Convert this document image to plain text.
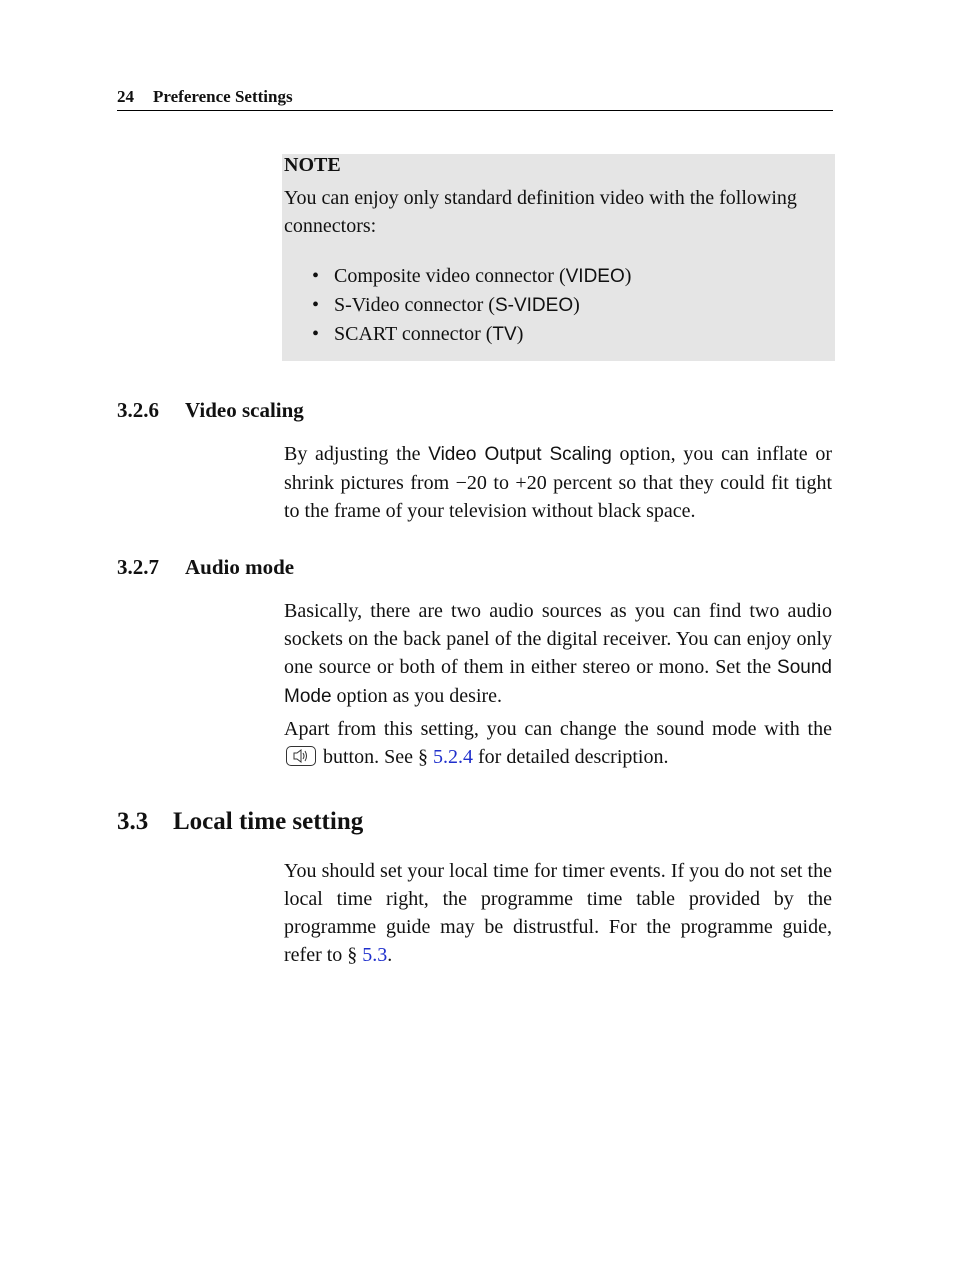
24 Preference Settings
NOTE
You can enjoy only standard definition video with the following connectors:
• Composite video connector (VIDEO)
• S-Video connector (S-VIDEO)
• SCART connector (TV)
3.2.6 Video scaling

By adjusting the Video Output Scaling option, you can inflate or shrink pictures from −20 to +20 percent so that they could fit tight to the frame of your television without black space.

3.2.7 Audio mode

Basically, there are two audio sources as you can find two audio sockets on the back panel of the digital receiver. You can enjoy only one source or both of them in either stereo or mono. Set the Sound Mode option as you desire.

Apart from this setting, you can change the sound mode with the
button. See § 5.2.4 for detailed description.

3.3 Local time setting

You should set your local time for timer events. If you do not set the local time right, the programme time table provided by the programme guide may be distrustful. For the programme guide, refer to § 5.3.
